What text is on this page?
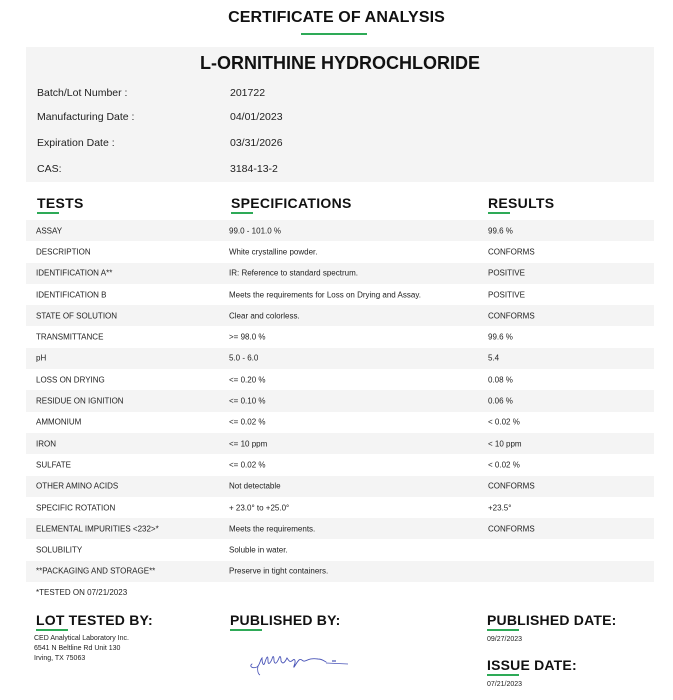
CERTIFICATE OF ANALYSIS
L-ORNITHINE HYDROCHLORIDE
Batch/Lot Number :	201722
Manufacturing Date :	04/01/2023
Expiration Date :	03/31/2026
CAS:	3184-13-2
TESTS	SPECIFICATIONS	RESULTS
ASSAY	99.0 - 101.0 %	99.6 %
DESCRIPTION	White crystalline powder.	CONFORMS
IDENTIFICATION A**	IR: Reference to standard spectrum.	POSITIVE
IDENTIFICATION B	Meets the requirements for Loss on Drying and Assay.	POSITIVE
STATE OF SOLUTION	Clear and colorless.	CONFORMS
TRANSMITTANCE	>= 98.0 %	99.6 %
pH	5.0 - 6.0	5.4
LOSS ON DRYING	<= 0.20 %	0.08 %
RESIDUE ON IGNITION	<= 0.10 %	0.06 %
AMMONIUM	<= 0.02 %	< 0.02 %
IRON	<= 10 ppm	< 10 ppm
SULFATE	<= 0.02 %	< 0.02 %
OTHER AMINO ACIDS	Not detectable	CONFORMS
SPECIFIC ROTATION	+ 23.0° to +25.0°	+23.5°
ELEMENTAL IMPURITIES <232>*	Meets the requirements.	CONFORMS
SOLUBILITY	Soluble in water.
**PACKAGING AND STORAGE**	Preserve in tight containers.
*TESTED ON 07/21/2023
LOT TESTED BY:
CED Analytical Laboratory Inc.
6541 N Beltline Rd Unit 130
Irving, TX 75063
PUBLISHED BY:	PUBLISHED DATE:
09/27/2023
ISSUE DATE:
07/21/2023
